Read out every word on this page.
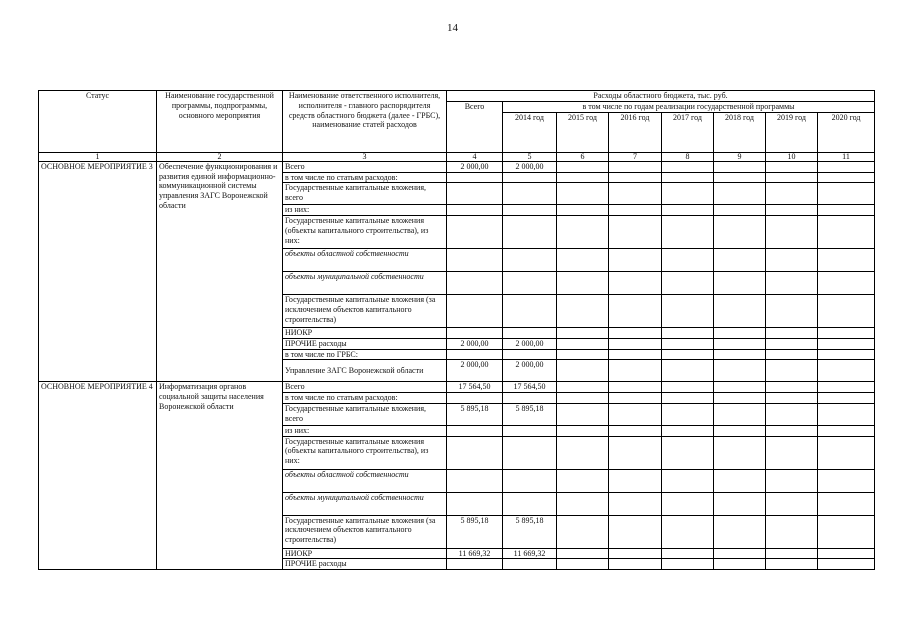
14
Статус	Наименование государственной программы, подпрограммы, основного мероприятия	Наименование ответственного исполнителя, исполнителя - главного распорядителя средств областного бюджета (далее - ГРБС), наименование статей расходов	Расходы областного бюджета, тыс. руб.							
			Всего	в том числе по годам реализации государственной программы						
				2014 год	2015 год	2016 год	2017 год	2018 год	2019 год	2020 год
1	2	3	4	5	6	7	8	9	10	11
ОСНОВНОЕ МЕРОПРИЯТИЕ 3	Обеспечение функционирования и развития единой информационно-коммуникационной системы управления ЗАГС Воронежской области	Всего	2 000,00	2 000,00						
		в том числе по статьям расходов:								
		Государственные капитальные вложения, всего								
		из них:								
		Государственные капитальные вложения (объекты капитального строительства), из них:								
		объекты областной собственности								
		объекты муниципальной собственности								
		Государственные капитальные вложения (за исключением объектов капитального строительства)								
		НИОКР								
		ПРОЧИЕ расходы	2 000,00	2 000,00						
		в том числе по ГРБС:								
		Управление ЗАГС Воронежской области	2 000,00	2 000,00						
ОСНОВНОЕ МЕРОПРИЯТИЕ 4	Информатизация органов социальной защиты населения Воронежской области	Всего	17 564,50	17 564,50						
		в том числе по статьям расходов:								
		Государственные капитальные вложения, всего	5 895,18	5 895,18						
		из них:								
		Государственные капитальные вложения (объекты капитального строительства), из них:								
		объекты областной собственности								
		объекты муниципальной собственности								
		Государственные капитальные вложения (за исключением объектов капитального строительства)	5 895,18	5 895,18						
		НИОКР	11 669,32	11 669,32						
		ПРОЧИЕ расходы								
